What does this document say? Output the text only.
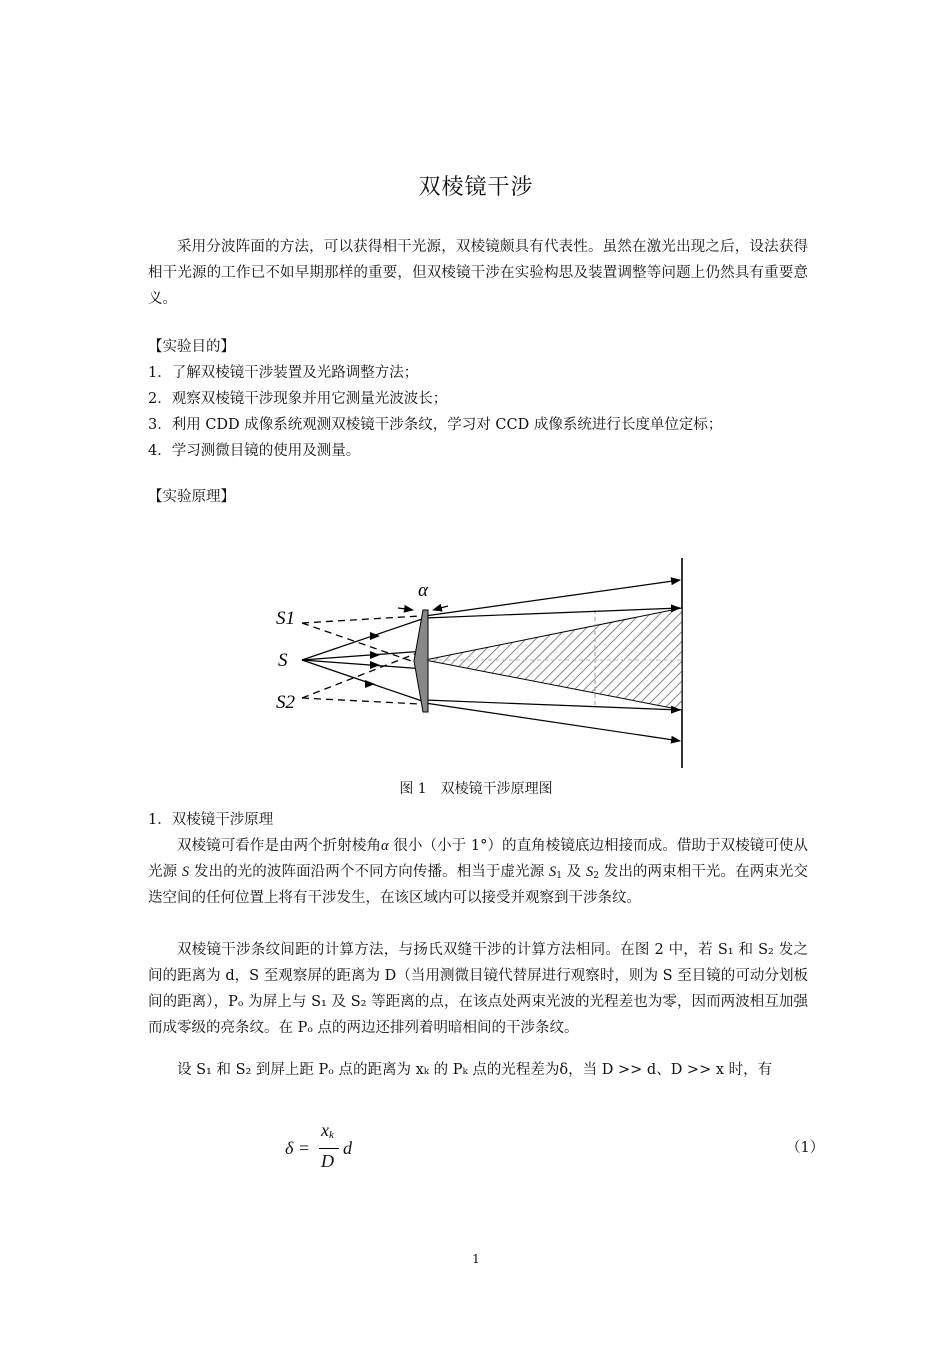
双棱镜干涉

采用分波阵面的方法，可以获得相干光源，双棱镜颇具有代表性。虽然在激光出现之后，设法获得相干光源的工作已不如早期那样的重要，但双棱镜干涉在实验构思及装置调整等问题上仍然具有重要意义。

【实验目的】

1．了解双棱镜干涉装置及光路调整方法；

2．观察双棱镜干涉现象并用它测量光波波长；

3．利用 CDD 成像系统观测双棱镜干涉条纹，学习对 CCD 成像系统进行长度单位定标；

4．学习测微目镜的使用及测量。

【实验原理】

α
S1
S
S2
图 1　双棱镜干涉原理图

1．双棱镜干涉原理

双棱镜可看作是由两个折射棱角α 很小（小于 1°）的直角棱镜底边相接而成。借助于双棱镜可使从光源 S 发出的光的波阵面沿两个不同方向传播。相当于虚光源 $S_1$ 及 $S_2$ 发出的两束相干光。在两束光交迭空间的任何位置上将有干涉发生，在该区域内可以接受并观察到干涉条纹。

双棱镜干涉条纹间距的计算方法，与扬氏双缝干涉的计算方法相同。在图 2 中，若 S₁ 和 S₂ 发之间的距离为 d，S 至观察屏的距离为 D（当用测微目镜代替屏进行观察时，则为 S 至目镜的可动分划板间的距离），Pₒ 为屏上与 S₁ 及 S₂ 等距离的点，在该点处两束光波的光程差也为零，因而两波相互加强而成零级的亮条纹。在 Pₒ 点的两边还排列着明暗相间的干涉条纹。

设 S₁ 和 S₂ 到屏上距 Pₒ 点的距离为 xₖ 的 Pₖ 点的光程差为δ，当 D >> d、D >> x 时，有

δ =
$x_k$
D
d	（1）
1
